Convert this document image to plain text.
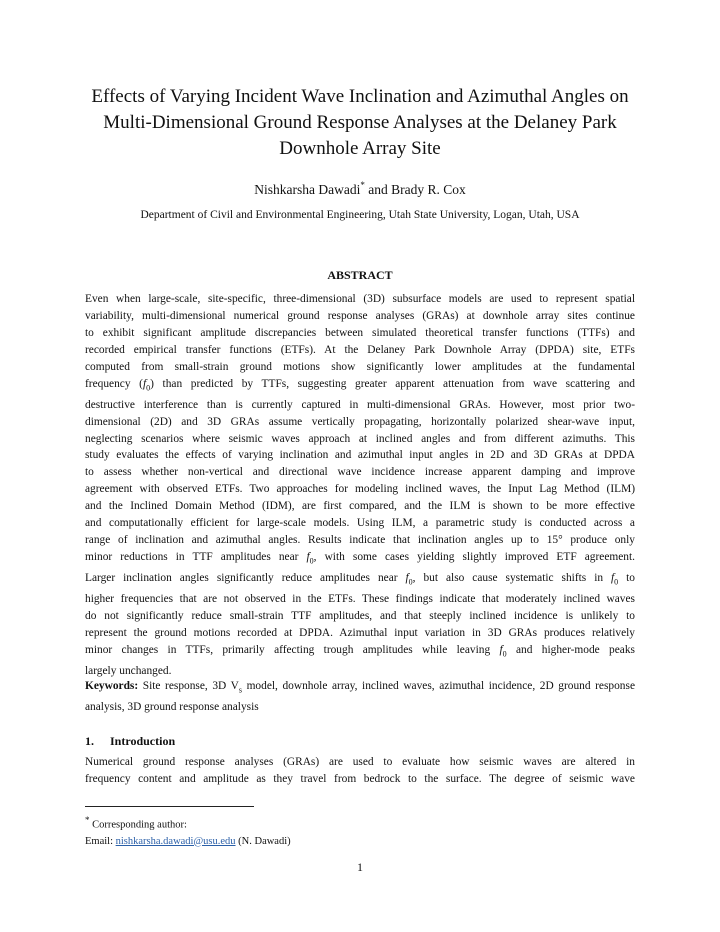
Effects of Varying Incident Wave Inclination and Azimuthal Angles on
Multi-Dimensional Ground Response Analyses at the Delaney Park
Downhole Array Site
Nishkarsha Dawadi* and Brady R. Cox
Department of Civil and Environmental Engineering, Utah State University, Logan, Utah, USA
ABSTRACT
Even when large-scale, site-specific, three-dimensional (3D) subsurface models are used to represent spatial
variability, multi-dimensional numerical ground response analyses (GRAs) at downhole array sites continue
to exhibit significant amplitude discrepancies between simulated theoretical transfer functions (TTFs) and
recorded empirical transfer functions (ETFs). At the Delaney Park Downhole Array (DPDA) site, ETFs
computed from small-strain ground motions show significantly lower amplitudes at the fundamental
frequency $(f_0)$ than predicted by TTFs, suggesting greater apparent attenuation from wave scattering and
destructive interference than is currently captured in multi-dimensional GRAs. However, most prior two-
dimensional (2D) and 3D GRAs assume vertically propagating, horizontally polarized shear-wave input,
neglecting scenarios where seismic waves approach at inclined angles and from different azimuths. This
study evaluates the effects of varying inclination and azimuthal input angles in 2D and 3D GRAs at DPDA
to assess whether non-vertical and directional wave incidence increase apparent damping and improve
agreement with observed ETFs. Two approaches for modeling inclined waves, the Input Lag Method (ILM)
and the Inclined Domain Method (IDM), are first compared, and the ILM is shown to be more effective
and computationally efficient for large-scale models. Using ILM, a parametric study is conducted across a
range of inclination and azimuthal angles. Results indicate that inclination angles up to 15° produce only
minor reductions in TTF amplitudes near $f_0$, with some cases yielding slightly improved ETF agreement.
Larger inclination angles significantly reduce amplitudes near $f_0$, but also cause systematic shifts in $f_0$ to
higher frequencies that are not observed in the ETFs. These findings indicate that moderately inclined waves
do not significantly reduce small-strain TTF amplitudes, and that steeply inclined incidence is unlikely to
represent the ground motions recorded at DPDA. Azimuthal input variation in 3D GRAs produces relatively
minor changes in TTFs, primarily affecting trough amplitudes while leaving $f_0$ and higher-mode peaks
largely unchanged.
Keywords: Site response, 3D $V_s$ model, downhole array, inclined waves, azimuthal incidence, 2D ground response analysis, 3D ground response analysis
1. Introduction
Numerical ground response analyses (GRAs) are used to evaluate how seismic waves are altered in
frequency content and amplitude as they travel from bedrock to the surface. The degree of seismic wave
* Corresponding author:
Email: nishkarsha.dawadi@usu.edu (N. Dawadi)
1
